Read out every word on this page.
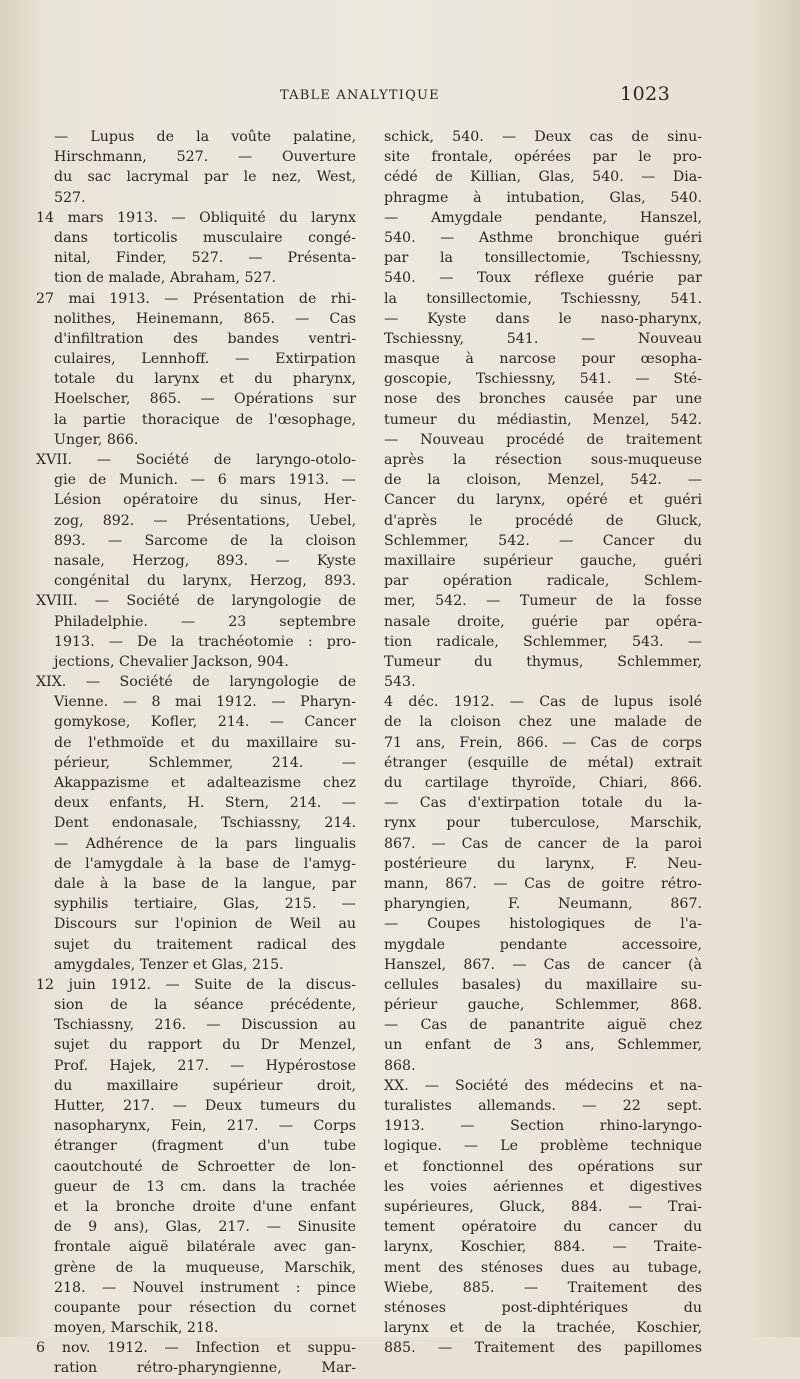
TABLE ANALYTIQUE	1023
— Lupus de la voûte palatine,
Hirschmann, 527. — Ouverture
du sac lacrymal par le nez, West,
527.
14 mars 1913. — Obliquité du larynx
dans torticolis musculaire congé-
nital, Finder, 527. — Présenta-
tion de malade, Abraham, 527.
27 mai 1913. — Présentation de rhi-
nolithes, Heinemann, 865. — Cas
d'infiltration des bandes ventri-
culaires, Lennhoff. — Extirpation
totale du larynx et du pharynx,
Hoelscher, 865. — Opérations sur
la partie thoracique de l'œsophage,
Unger, 866.
XVII. — Société de laryngo-otolo-
gie de Munich. — 6 mars 1913. —
Lésion opératoire du sinus, Her-
zog, 892. — Présentations, Uebel,
893. — Sarcome de la cloison
nasale, Herzog, 893. — Kyste
congénital du larynx, Herzog, 893.
XVIII. — Société de laryngologie de
Philadelphie. — 23 septembre
1913. — De la trachéotomie : pro-
jections, Chevalier Jackson, 904.
XIX. — Société de laryngologie de
Vienne. — 8 mai 1912. — Pharyn-
gomykose, Kofler, 214. — Cancer
de l'ethmoïde et du maxillaire su-
périeur, Schlemmer, 214. —
Akappazisme et adalteazisme chez
deux enfants, H. Stern, 214. —
Dent endonasale, Tschiassny, 214.
— Adhérence de la pars lingualis
de l'amygdale à la base de l'amyg-
dale à la base de la langue, par
syphilis tertiaire, Glas, 215. —
Discours sur l'opinion de Weil au
sujet du traitement radical des
amygdales, Tenzer et Glas, 215.
12 juin 1912. — Suite de la discus-
sion de la séance précédente,
Tschiassny, 216. — Discussion au
sujet du rapport du Dr Menzel,
Prof. Hajek, 217. — Hypérostose
du maxillaire supérieur droit,
Hutter, 217. — Deux tumeurs du
nasopharynx, Fein, 217. — Corps
étranger (fragment d'un tube
caoutchouté de Schroetter de lon-
gueur de 13 cm. dans la trachée
et la bronche droite d'une enfant
de 9 ans), Glas, 217. — Sinusite
frontale aiguë bilatérale avec gan-
grène de la muqueuse, Marschik,
218. — Nouvel instrument : pince
coupante pour résection du cornet
moyen, Marschik, 218.
6 nov. 1912. — Infection et suppu-
ration rétro-pharyngienne, Mar-
schick, 540. — Deux cas de sinu-
site frontale, opérées par le pro-
cédé de Killian, Glas, 540. — Dia-
phragme à intubation, Glas, 540.
— Amygdale pendante, Hanszel,
540. — Asthme bronchique guéri
par la tonsillectomie, Tschiessny,
540. — Toux réflexe guérie par
la tonsillectomie, Tschiessny, 541.
— Kyste dans le naso-pharynx,
Tschiessny, 541. — Nouveau
masque à narcose pour œsopha-
goscopie, Tschiessny, 541. — Sté-
nose des bronches causée par une
tumeur du médiastin, Menzel, 542.
— Nouveau procédé de traitement
après la résection sous-muqueuse
de la cloison, Menzel, 542. —
Cancer du larynx, opéré et guéri
d'après le procédé de Gluck,
Schlemmer, 542. — Cancer du
maxillaire supérieur gauche, guéri
par opération radicale, Schlem-
mer, 542. — Tumeur de la fosse
nasale droite, guérie par opéra-
tion radicale, Schlemmer, 543. —
Tumeur du thymus, Schlemmer,
543.
4 déc. 1912. — Cas de lupus isolé
de la cloison chez une malade de
71 ans, Frein, 866. — Cas de corps
étranger (esquille de métal) extrait
du cartilage thyroïde, Chiari, 866.
— Cas d'extirpation totale du la-
rynx pour tuberculose, Marschik,
867. — Cas de cancer de la paroi
postérieure du larynx, F. Neu-
mann, 867. — Cas de goitre rétro-
pharyngien, F. Neumann, 867.
— Coupes histologiques de l'a-
mygdale pendante accessoire,
Hanszel, 867. — Cas de cancer (à
cellules basales) du maxillaire su-
périeur gauche, Schlemmer, 868.
— Cas de panantrite aiguë chez
un enfant de 3 ans, Schlemmer,
868.
XX. — Société des médecins et na-
turalistes allemands. — 22 sept.
1913. — Section rhino-laryngo-
logique. — Le problème technique
et fonctionnel des opérations sur
les voies aériennes et digestives
supérieures, Gluck, 884. — Trai-
tement opératoire du cancer du
larynx, Koschier, 884. — Traite-
ment des sténoses dues au tubage,
Wiebe, 885. — Traitement des
sténoses post-diphtériques du
larynx et de la trachée, Koschier,
885. — Traitement des papillomes
